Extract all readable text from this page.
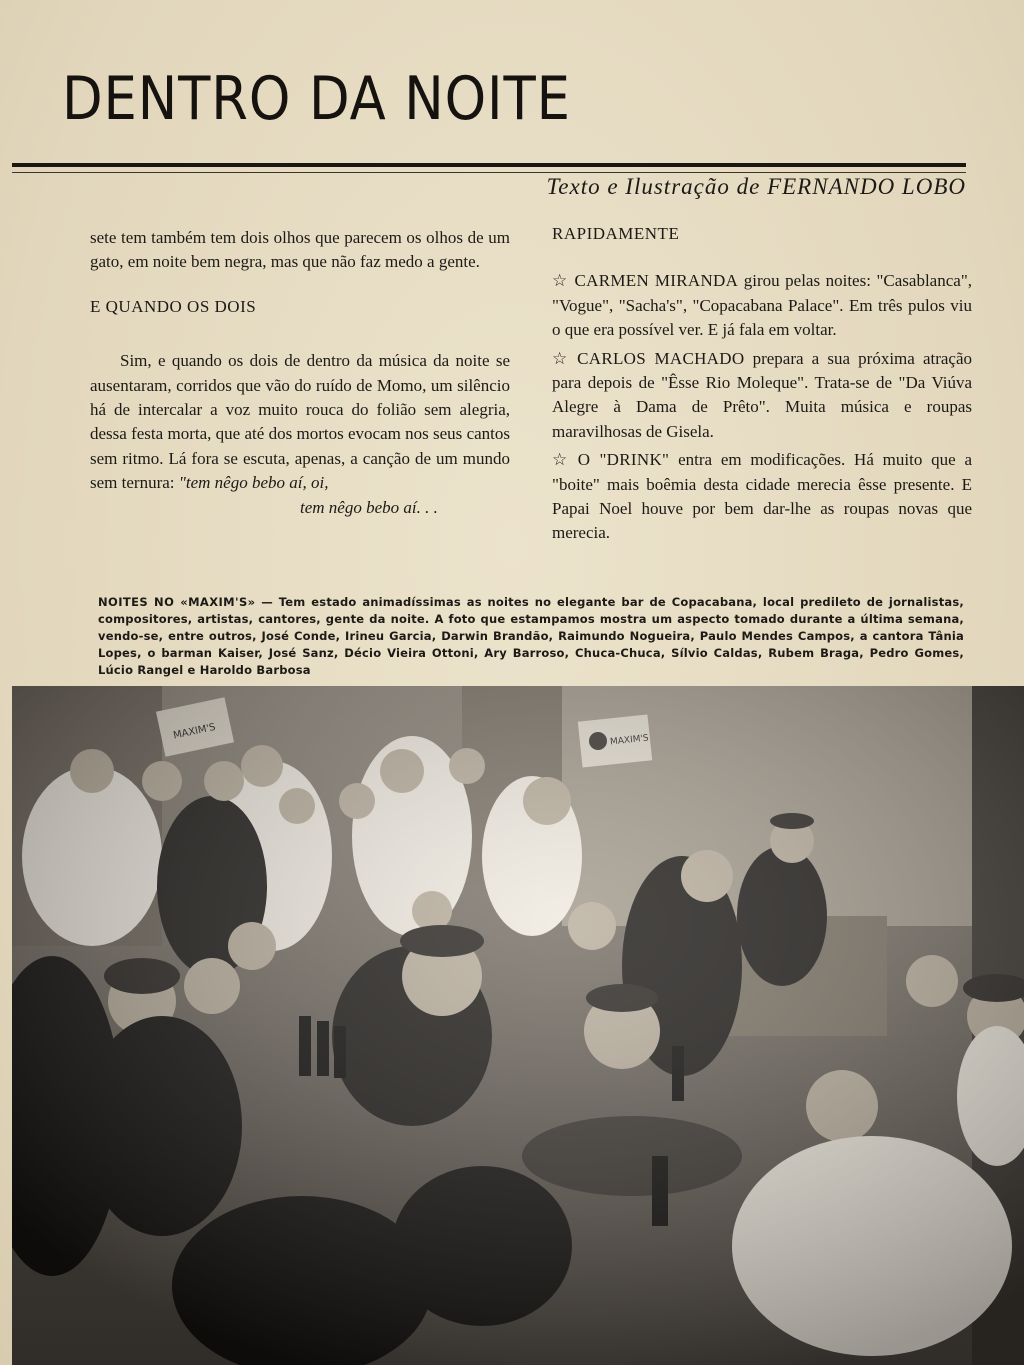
DENTRO DA NOITE
Texto e Ilustração de FERNANDO LOBO

sete tem também tem dois olhos que parecem os olhos de um gato, em noite bem negra, mas que não faz medo a gente.

E QUANDO OS DOIS

Sim, e quando os dois de dentro da música da noite se ausentaram, corridos que vão do ruído de Momo, um silêncio há de intercalar a voz muito rouca do folião sem alegria, dessa festa morta, que até dos mortos evocam nos seus cantos sem ritmo. Lá fora se escuta, apenas, a canção de um mundo sem ternura: "tem nêgo bebo aí, oi,

tem nêgo bebo aí. . .

RAPIDAMENTE

☆ CARMEN MIRANDA girou pelas noites: "Casablanca", "Vogue", "Sacha's", "Copacabana Palace". Em três pulos viu o que era possível ver. E já fala em voltar.

☆ CARLOS MACHADO prepara a sua próxima atração para depois de "Êsse Rio Moleque". Trata-se de "Da Viúva Alegre à Dama de Prêto". Muita música e roupas maravilhosas de Gisela.

☆ O "DRINK" entra em modificações. Há muito que a "boite" mais boêmia desta cidade merecia êsse presente. E Papai Noel houve por bem dar-lhe as roupas novas que merecia.

NOITES NO «MAXIM'S» — Tem estado animadíssimas as noites no elegante bar de Copacabana, local predileto de jornalistas, compositores, artistas, cantores, gente da noite. A foto que estampamos mostra um aspecto tomado durante a última semana, vendo-se, entre outros, José Conde, Irineu Garcia, Darwin Brandão, Raimundo Nogueira, Paulo Mendes Campos, a cantora Tânia Lopes, o barman Kaiser, José Sanz, Décio Vieira Ottoni, Ary Barroso, Chuca-Chuca, Sílvio Caldas, Rubem Braga, Pedro Gomes, Lúcio Rangel e Haroldo Barbosa
